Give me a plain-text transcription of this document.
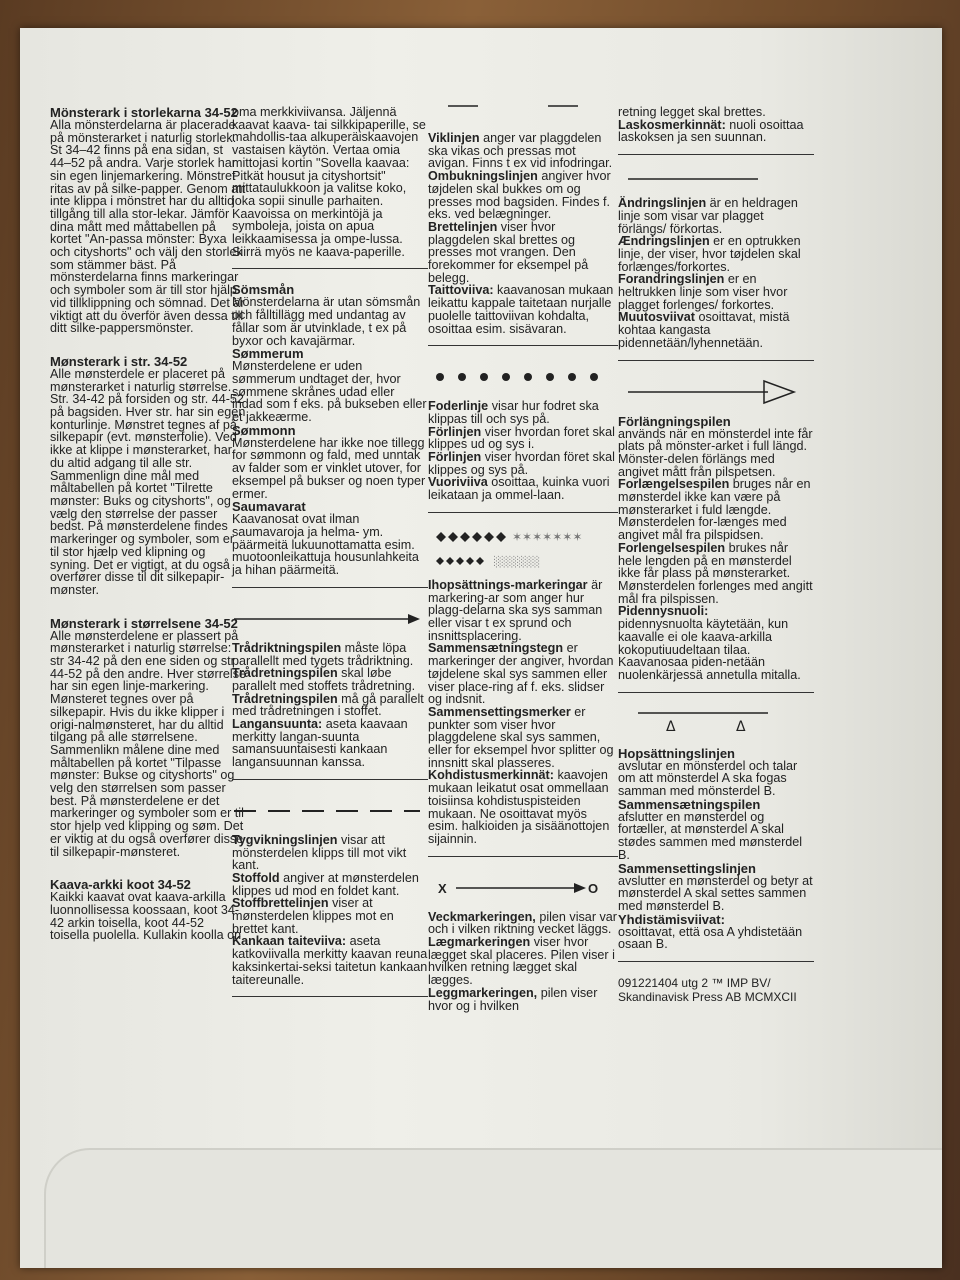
Mönsterark i storlekarna 34-52

Alla mönsterdelarna är placerade på mönsterarket i naturlig storlek. St 34–42 finns på ena sidan, st 44–52 på andra. Varje storlek har sin egen linjemarkering. Mönstret ritas av på silke-papper. Genom att inte klippa i mönstret har du alltid tillgång till alla stor-lekar. Jämför dina mått med måttabellen på kortet "An-passa mönster: Byxa och cityshorts" och välj den storlek som stämmer bäst. På mönsterdelarna finns markeringar och symboler som är till stor hjälp vid tillklippning och sömnad. Det är viktigt att du överför även dessa till ditt silke-pappersmönster.

Mønsterark i str. 34-52

Alle mønsterdele er placeret på mønsterarket i naturlig størrelse. Str. 34-42 på forsiden og str. 44-52 på bagsiden. Hver str. har sin egen konturlinje. Mønstret tegnes af på silkepapir (evt. mønsterfolie). Ved ikke at klippe i mønsterarket, har du altid adgang til alle str. Sammenlign dine mål med måltabellen på kortet "Tilrette mønster: Buks og cityshorts", og vælg den størrelse der passer bedst. På mønsterdelene findes markeringer og symboler, som er til stor hjælp ved klipning og syning. Det er vigtigt, at du også overfører disse til dit silkepapir-mønster.

Mønsterark i størrelsene 34-52

Alle mønsterdelene er plassert på mønsterarket i naturlig størrelse: str 34-42 på den ene siden og str 44-52 på den andre. Hver størrelse har sin egen linje-markering. Mønsteret tegnes over på silkepapir. Hvis du ikke klipper i origi-nalmønsteret, har du alltid tilgang på alle størrelsene. Sammenlikn målene dine med måltabellen på kortet "Tilpasse mønster: Bukse og cityshorts" og velg den størrelsen som passer best. På mønsterdelene er det markeringer og symboler som er til stor hjelp ved klipping og søm. Det er viktig at du også overfører disse til silkepapir-mønsteret.

Kaava-arkki koot 34-52

Kaikki kaavat ovat kaava-arkilla luonnollisessa koossaan, koot 34-42 arkin toisella, koot 44-52 toisella puolella. Kullakin koolla on

oma merkkiviivansa. Jäljennä kaavat kaava- tai silkkipaperille, se mahdollis-taa alkuperäiskaavojen vastaisen käytön. Vertaa omia mittojasi kortin "Sovella kaavaa: Pitkät housut ja cityshortsit" mittataulukkoon ja valitse koko, joka sopii sinulle parhaiten. Kaavoissa on merkintöjä ja symboleja, joista on apua leikkaamisessa ja ompe-lussa. Siirrä myös ne kaava-paperille.

Sömsmån

Mönsterdelarna är utan sömsmån och fålltillägg med undantag av fållar som är utvinklade, t ex på byxor och kavajärmar.

Sømmerum

Mønsterdelene er uden sømmerum undtaget der, hvor sømmene skrånes udad eller indad som f eks. på bukseben eller et jakkeærme.

Sømmonn

Mønsterdelene har ikke noe tillegg for sømmonn og fald, med unntak av falder som er vinklet utover, for eksempel på bukser og noen typer ermer.

Saumavarat

Kaavanosat ovat ilman saumavaroja ja helma- ym. päärmeitä lukuunottamatta esim. muotoonleikattuja housunlahkeita ja hihan päärmeitä.

Trådriktningspilen måste löpa parallellt med tygets trådriktning.

Trådretningspilen skal løbe parallelt med stoffets trådretning.

Trådretningspilen må gå parallelt med trådretningen i stoffet.

Langansuunta: aseta kaavaan merkitty langan-suunta samansuuntaisesti kankaan langansuunnan kanssa.

Tygvikningslinjen visar att mönsterdelen klipps till mot vikt kant.

Stoffold angiver at mønsterdelen klippes ud mod en foldet kant.

Stoffbrettelinjen viser at mønsterdelen klippes mot en brettet kant.

Kankaan taiteviiva: aseta katkoviivalla merkitty kaavan reuna kaksinkertai-seksi taitetun kankaan taitereunalle.

Viklinjen anger var plaggdelen ska vikas och pressas mot avigan. Finns t ex vid infodringar.

Ombukningslinjen angiver hvor tøjdelen skal bukkes om og presses mod bagsiden. Findes f. eks. ved belægninger.

Brettelinjen viser hvor plaggdelen skal brettes og presses mot vrangen. Den forekommer for eksempel på belegg.

Taittoviiva: kaavanosan mukaan leikattu kappale taitetaan nurjalle puolelle taittoviivan kohdalta, osoittaa esim. sisävaran.

Foderlinje visar hur fodret ska klippas till och sys på.

Förlinjen viser hvordan foret skal klippes ud og sys i.

Förlinjen viser hvordan föret skal klippes og sys på.

Vuoriviiva osoittaa, kuinka vuori leikataan ja ommel-laan.

✶✶✶✶✶✶✶
░░░░░░

Ihopsättnings-markeringar är markering-ar som anger hur plagg-delarna ska sys samman eller visar t ex sprund och insnittsplacering.

Sammensætningstegn er markeringer der angiver, hvordan tøjdelene skal sys sammen eller viser place-ring af f. eks. slidser og indsnit.

Sammensettingsmerker er punkter som viser hvor plaggdelene skal sys sammen, eller for eksempel hvor splitter og innsnitt skal plasseres.

Kohdistusmerkinnät: kaavojen mukaan leikatut osat ommellaan toisiinsa kohdistuspisteiden mukaan. Ne osoittavat myös esim. halkioiden ja sisäänottojen sijainnin.

X	O

Veckmarkeringen, pilen visar var och i vilken riktning vecket läggs.

Lægmarkeringen viser hvor lægget skal placeres. Pilen viser i hvilken retning lægget skal lægges.

Leggmarkeringen, pilen viser hvor og i hvilken

retning legget skal brettes.

Laskosmerkinnät: nuoli osoittaa laskoksen ja sen suunnan.

Ändringslinjen är en heldragen linje som visar var plagget förlängs/ förkortas.

Ændringslinjen er en optrukken linje, der viser, hvor tøjdelen skal forlænges/forkortes.

Forandringslinjen er en heltrukken linje som viser hvor plagget forlenges/ forkortes.

Muutosviivat osoittavat, mistä kohtaa kangasta pidennetään/lyhennetään.

Förlängningspilen

används när en mönsterdel inte får plats på mönster-arket i full längd. Mönster-delen förlängs med angivet mått från pilspetsen.

Forlængelsespilen bruges når en mønsterdel ikke kan være på mønsterarket i fuld længde. Mønsterdelen for-længes med angivet mål fra pilspidsen.

Forlengelsespilen brukes når hele lengden på en mønsterdel ikke får plass på mønsterarket. Mønsterdelen forlenges med angitt mål fra pilspissen.

Pidennysnuoli:

pidennysnuolta käytetään, kun kaavalle ei ole kaava-arkilla kokoputiuudeltaan tilaa. Kaavanosaa piden-netään nuolenkärjessä annetulla mitalla.

Δ	Δ
Hopsättningslinjen

avslutar en mönsterdel och talar om att mönsterdel A ska fogas samman med mönsterdel B.

Sammensætningspilen

afslutter en mønsterdel og fortæller, at mønsterdel A skal stødes sammen med mønsterdel B.

Sammensettingslinjen

avslutter en mønsterdel og betyr at mønsterdel A skal settes sammen med mønsterdel B.

Yhdistämisviivat:

osoittavat, että osa A yhdistetään osaan B.

091221404 utg 2 ™ IMP BV/
Skandinavisk Press AB MCMXCII
